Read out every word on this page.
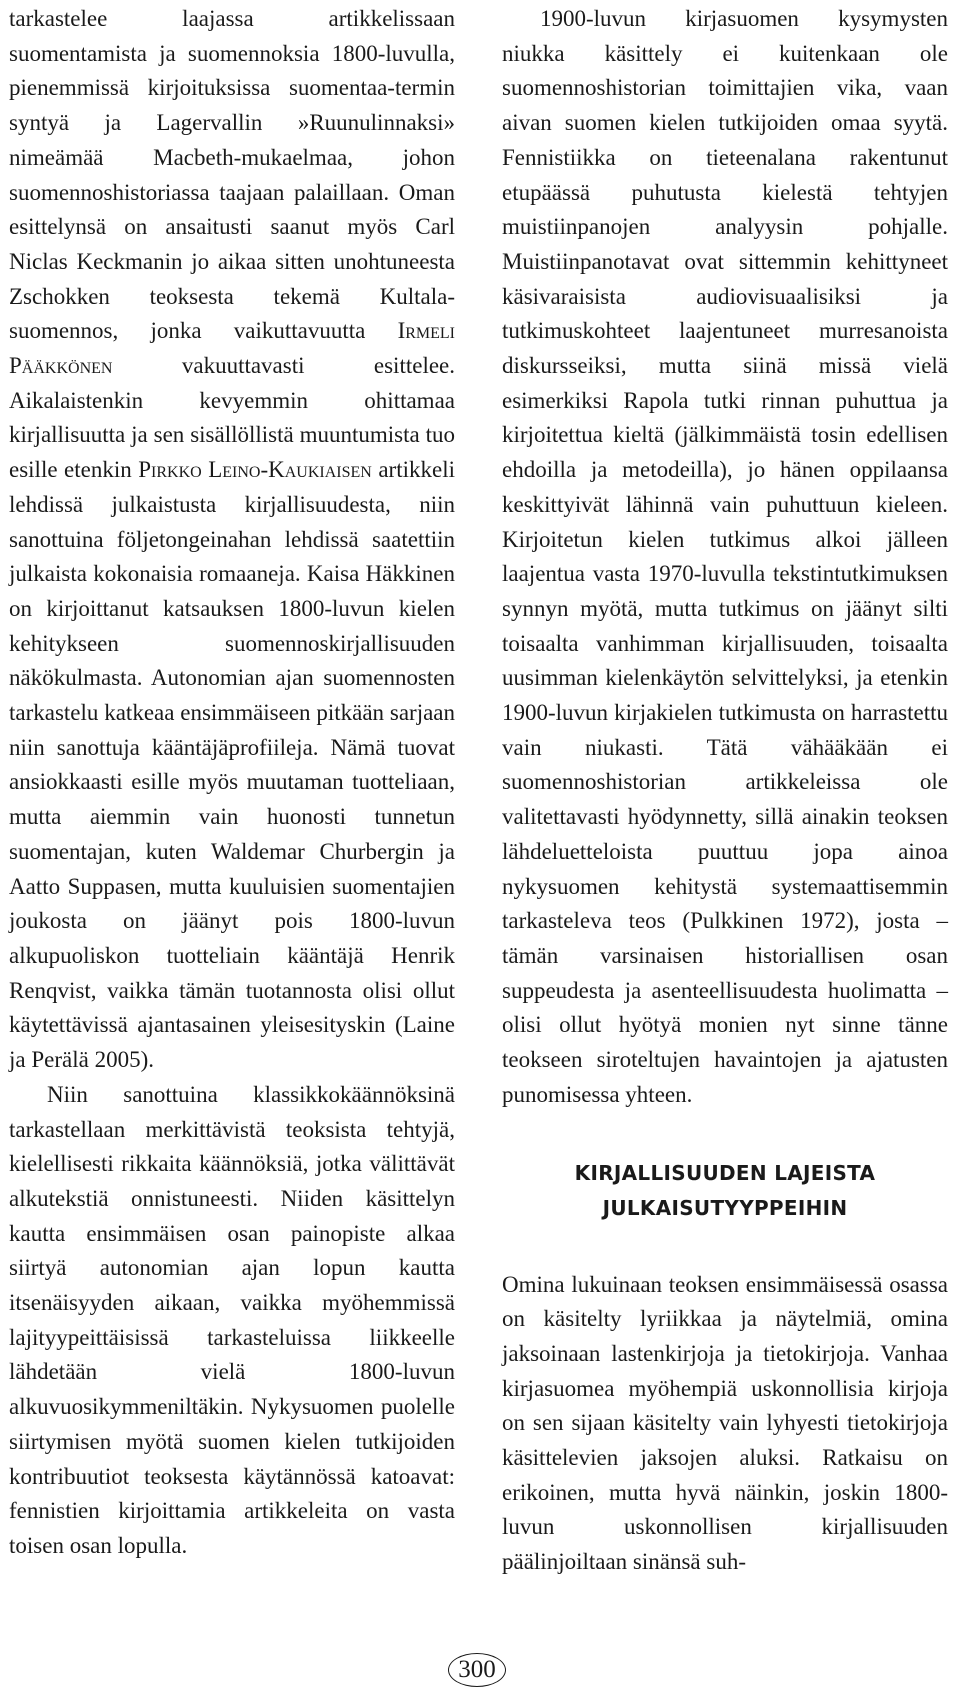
tarkastelee laajassa artikkelissaan suomentamista ja suomennoksia 1800-luvulla, pienemmissä kirjoituksissa suomentaa-termin syntyä ja Lagervallin »Ruunulinnaksi» nimeämää Macbeth-mukaelmaa, johon suomennoshistoriassa taajaan palaillaan. Oman esittelynsä on ansaitusti saanut myös Carl Niclas Keckmanin jo aikaa sitten unohtuneesta Zschokken teoksesta tekemä Kultala-suomennos, jonka vaikuttavuutta Irmeli Pääkkönen vakuuttavasti esittelee. Aikalaistenkin kevyemmin ohittamaa kirjallisuutta ja sen sisällöllistä muuntumista tuo esille etenkin Pirkko Leino-Kaukiaisen artikkeli lehdissä julkaistusta kirjallisuudesta, niin sanottuina följetongeinahan lehdissä saatettiin julkaista kokonaisia romaaneja. Kaisa Häkkinen on kirjoittanut katsauksen 1800-luvun kielen kehitykseen suomennoskirjallisuuden näkökulmasta. Autonomian ajan suomennosten tarkastelu katkeaa ensimmäiseen pitkään sarjaan niin sanottuja kääntäjäprofiileja. Nämä tuovat ansiokkaasti esille myös muutaman tuotteliaan, mutta aiemmin vain huonosti tunnetun suomentajan, kuten Waldemar Churbergin ja Aatto Suppasen, mutta kuuluisien suomentajien joukosta on jäänyt pois 1800-luvun alkupuoliskon tuotteliain kääntäjä Henrik Renqvist, vaikka tämän tuotannosta olisi ollut käytettävissä ajantasainen yleisesityskin (Laine ja Perälä 2005).

Niin sanottuina klassikkokäännöksinä tarkastellaan merkittävistä teoksista tehtyjä, kielellisesti rikkaita käännöksiä, jotka välittävät alkutekstiä onnistuneesti. Niiden käsittelyn kautta ensimmäisen osan painopiste alkaa siirtyä autonomian ajan lopun kautta itsenäisyyden aikaan, vaikka myöhemmissä lajityypeittäisissä tarkasteluissa liikkeelle lähdetään vielä 1800-luvun alkuvuosikymmeniltäkin. Nykysuomen puolelle siirtymisen myötä suomen kielen tutkijoiden kontribuutiot teoksesta käytännössä katoavat: fennistien kirjoittamia artikkeleita on vasta toisen osan lopulla.

1900-luvun kirjasuomen kysymysten niukka käsittely ei kuitenkaan ole suomennoshistorian toimittajien vika, vaan aivan suomen kielen tutkijoiden omaa syytä. Fennistiikka on tieteenalana rakentunut etupäässä puhutusta kielestä tehtyjen muistiinpanojen analyysin pohjalle. Muistiinpanotavat ovat sittemmin kehittyneet käsivaraisista audiovisuaalisiksi ja tutkimuskohteet laajentuneet murresanoista diskursseiksi, mutta siinä missä vielä esimerkiksi Rapola tutki rinnan puhuttua ja kirjoitettua kieltä (jälkimmäistä tosin edellisen ehdoilla ja metodeilla), jo hänen oppilaansa keskittyivät lähinnä vain puhuttuun kieleen. Kirjoitetun kielen tutkimus alkoi jälleen laajentua vasta 1970-luvulla tekstintutkimuksen synnyn myötä, mutta tutkimus on jäänyt silti toisaalta vanhimman kirjallisuuden, toisaalta uusimman kielenkäytön selvittelyksi, ja etenkin 1900-luvun kirjakielen tutkimusta on harrastettu vain niukasti. Tätä vähääkään ei suomennoshistorian artikkeleissa ole valitettavasti hyödynnetty, sillä ainakin teoksen lähdeluetteloista puuttuu jopa ainoa nykysuomen kehitystä systemaattisemmin tarkasteleva teos (Pulkkinen 1972), josta – tämän varsinaisen historiallisen osan suppeudesta ja asenteellisuudesta huolimatta – olisi ollut hyötyä monien nyt sinne tänne teokseen siroteltujen havaintojen ja ajatusten punomisessa yhteen.

KIRJALLISUUDEN LAJEISTA
JULKAISUTYYPPEIHIN

Omina lukuinaan teoksen ensimmäisessä osassa on käsitelty lyriikkaa ja näytelmiä, omina jaksoinaan lastenkirjoja ja tietokirjoja. Vanhaa kirjasuomea myöhempiä uskonnollisia kirjoja on sen sijaan käsitelty vain lyhyesti tietokirjoja käsittelevien jaksojen aluksi. Ratkaisu on erikoinen, mutta hyvä näinkin, joskin 1800-luvun uskonnollisen kirjallisuuden päälinjoiltaan sinänsä suh-

300
